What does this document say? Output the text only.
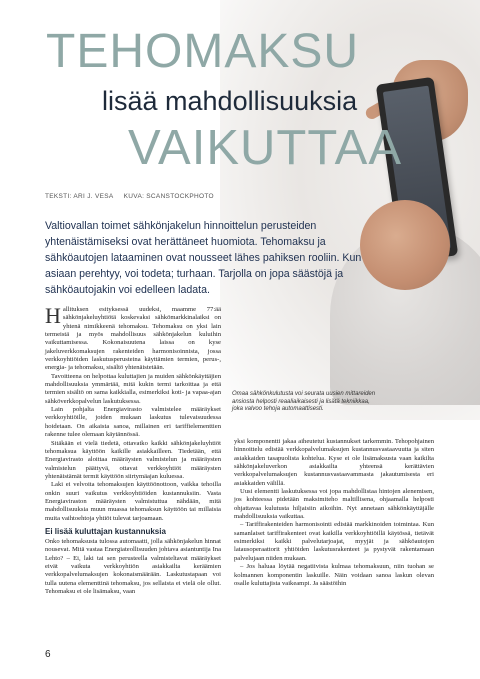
TEHOMAKSU
lisää mahdollisuuksia
VAIKUTTAA
TEKSTI: ARI J. VESA KUVA: SCANSTOCKPHOTO

Valtiovallan toimet sähkönjakelun hinnoittelun perusteiden yhtenäistämiseksi ovat herättäneet huomiota. Tehomaksu ja sähköautojen lataaminen ovat nousseet lähes pahiksen rooliin. Kun asiaan perehtyy, voi todeta; turhaan. Tarjolla on jopa säästöjä ja sähköautojakin voi edelleen ladata.

Hallituksen esityksessä uudeksi, maamme 77:ää sähkönjakeluyhtiötä koskevaksi sähkömarkkinalaiksi on yhtenä nimikkeenä tehomaksu. Tehomaksu on yksi lain termeistä ja myös mahdollisuus sähkönjakelun kuluihin vaikuttamisessa. Kokonaisuutena laissa on kyse jakeluverkkomaksujen rakenteiden harmonisoinnista, jossa verkkoyhtiöiden laskutusperusteina käyttämien termien, perus-, energia- ja tehomaksu, sisältö yhtenäistetään.

Tavoitteena on helpottaa kuluttajien ja muiden sähkönkäyttäjien mahdollisuuksia ymmärtää, mitä kukin termi tarkoittaa ja että termien sisältö on sama kaikkialla, esimerkiksi koti- ja vapaa-ajan sähköverkkopalvelun laskutuksessa.

Lain pohjalta Energiavirasto valmistelee määräykset verkkoyhtiöille, joiden mukaan laskutus tulevaisuudessa hoidetaan. On aikaista sanoa, millainen eri tariffielementtien rakenne tulee olemaan käytännössä.

Sitäkään ei vielä tiedetä, ottavatko kaikki sähkönjakeluyhtiöt tehomaksua käyttöön kaikille asiakkailleen. Tiedetään, että Energiavirasto aloittaa määräysten valmistelun ja määräysten valmistelun päättyvä, ottavat verkkoyhtiöt määräysten yhtenäistämät termit käyttöön siirtymäajan kuluessa.

Laki ei velvoita tehomaksujen käyttöönottoon, vaikka tehoilla onkin suuri vaikutus verkkoyhtiöiden kustannuksiin. Vasta Energiaviraston määräysten valmistuttua nähdään, mitä mahdollisuuksia muun muassa tehomaksun käyttöön tai millaisia muita vaihtoehtoja yhtiöt tulevat tarjoamaan.

Ei lisää kuluttajan kustannuksia

Onko tehomaksusta tulossa automaatti, jolla sähkönjakelun hinnat nousevat. Mitä vastaa Energiateollisuuden johtava asiantuntija Ina Lehto? – Ei, laki tai sen perusteella valmisteltavat määräykset eivät vaikuta verkkoyhtiön asiakkailta keräämien verkkopalvelumaksujen kokonaismäärään. Laskutustapaan voi tulla uutena elementtinä tehomaksu, jos sellaista ei vielä ole ollut. Tehomaksu ei ole lisämaksu, vaan

Omaa sähkönkulutusta voi seurata uusien mittareiden ansiosta helposti reaaliaikaisesti ja lisätä tekniikkaa, joka valvoo tehoja automaattisesti.

yksi komponentti jakaa aiheutetut kustannukset tarkemmin. Tehopohjainen hinnoittelu edistää verkkopalvelumaksujen kustannusvastaavuutta ja siten asiakkaiden tasapuolista kohtelua. Kyse ei ole lisämaksusta vaan kaikilta sähkönjakeluverkon asiakkailta yhteensä kerättävien verkkopalvelumaksujen kustannusvastaavammasta jakautumisesta eri asiakkaiden välillä.

Uusi elementti laskutuksessa voi jopa mahdollistaa hintojen alenemisen, jos kohteessa pidetään maksimiteho maltillisena, ohjaamalla helposti ohjattavaa kulutusta hiljaisiin aikoihin. Nyt annetaan sähkönkäyttäjälle mahdollisuuksia vaikuttaa.

– Tariffirakenteiden harmonisointi edistää markkinoiden toimintaa. Kun samanlaiset tariffirakenteet ovat kaikilla verkkoyhtiöillä käytössä, tietävät esimerkiksi kaikki palvelutarjoajat, myyjät ja sähköautojen latausoperaattorit yhtiöiden laskutusrakenteet ja pystyvät rakentamaan palvelujaan niiden mukaan.

– Jos haluaa löytää negatiivista kulmaa tehomaksuun, niin tuohan se kolmannen komponentin laskuille. Näin voidaan sanoa laskun olevan osalle kuluttajista vaikeampi. Ja säästöihin

6
